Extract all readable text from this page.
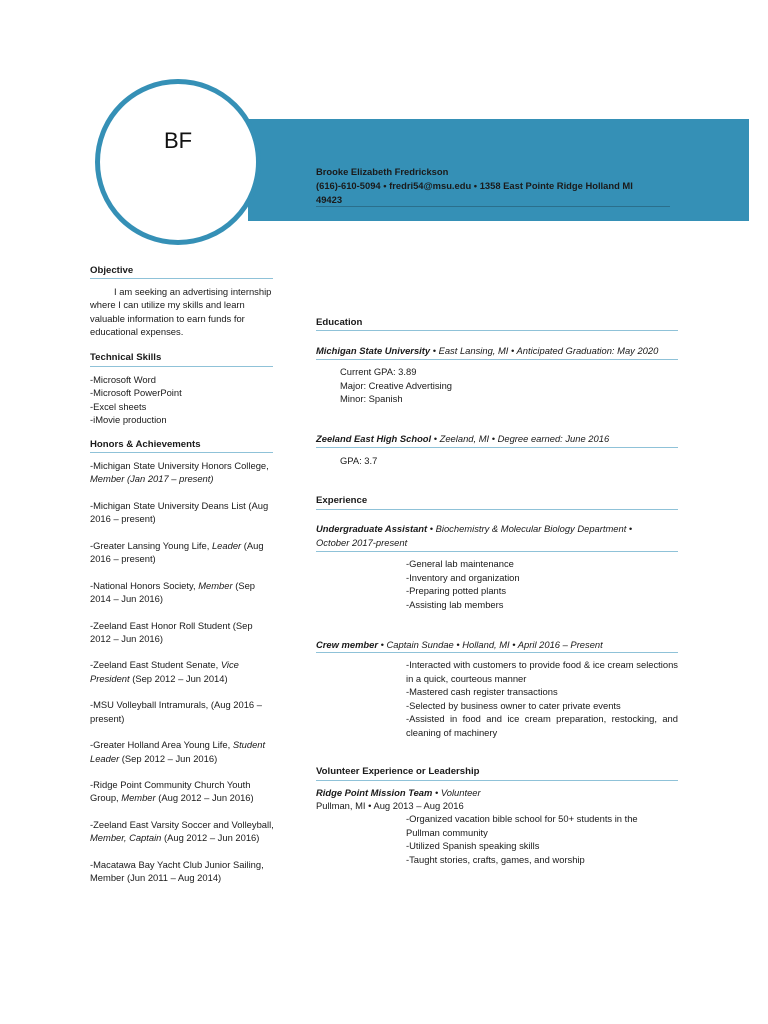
BF
Brooke Elizabeth Fredrickson
(616)-610-5094 • fredri54@msu.edu • 1358 East Pointe Ridge Holland MI
49423
Objective
I am seeking an advertising internship where I can utilize my skills and learn valuable information to earn funds for educational expenses.
Technical Skills
-Microsoft Word
-Microsoft PowerPoint
-Excel sheets
-iMovie production
Honors & Achievements

-Michigan State University Honors College, Member (Jan 2017 – present)

-Michigan State University Deans List (Aug 2016 – present)

-Greater Lansing Young Life, Leader (Aug 2016 – present)

-National Honors Society, Member (Sep 2014 – Jun 2016)

-Zeeland East Honor Roll Student (Sep 2012 – Jun 2016)

-Zeeland East Student Senate, Vice President (Sep 2012 – Jun 2014)

-MSU Volleyball Intramurals, (Aug 2016 – present)

-Greater Holland Area Young Life, Student Leader (Sep 2012 – Jun 2016)

-Ridge Point Community Church Youth Group, Member (Aug 2012 – Jun 2016)

-Zeeland East Varsity Soccer and Volleyball, Member, Captain (Aug 2012 – Jun 2016)

-Macatawa Bay Yacht Club Junior Sailing, Member (Jun 2011 – Aug 2014)

Education
Michigan State University • East Lansing, MI • Anticipated Graduation: May 2020
Current GPA: 3.89
Major: Creative Advertising
Minor: Spanish
Zeeland East High School • Zeeland, MI • Degree earned: June 2016
GPA: 3.7
Experience
Undergraduate Assistant • Biochemistry & Molecular Biology Department •
October 2017-present
-General lab maintenance
-Inventory and organization
-Preparing potted plants
-Assisting lab members
Crew member • Captain Sundae • Holland, MI • April 2016 – Present
-Interacted with customers to provide food & ice cream selections in a quick, courteous manner
-Mastered cash register transactions
-Selected by business owner to cater private events
-Assisted in food and ice cream preparation, restocking, and cleaning of machinery
Volunteer Experience or Leadership
Ridge Point Mission Team • Volunteer
Pullman, MI • Aug 2013 – Aug 2016
-Organized vacation bible school for 50+ students in the Pullman community
-Utilized Spanish speaking skills
-Taught stories, crafts, games, and worship
